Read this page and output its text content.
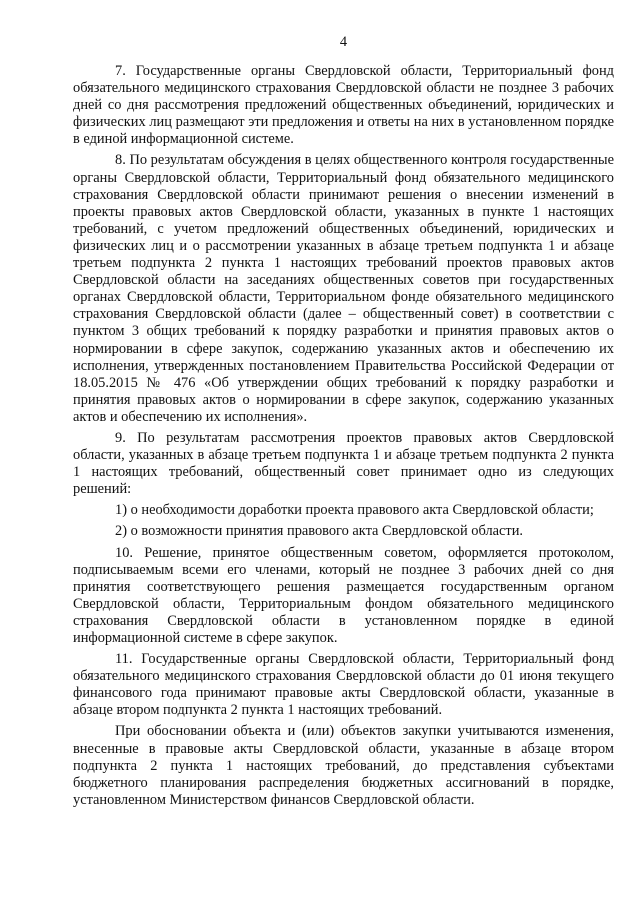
4

7. Государственные органы Свердловской области, Территориальный фонд обязательного медицинского страхования Свердловской области не позднее 3 рабочих дней со дня рассмотрения предложений общественных объединений, юридических и физических лиц размещают эти предложения и ответы на них в установленном порядке в единой информационной системе.

8. По результатам обсуждения в целях общественного контроля государственные органы Свердловской области, Территориальный фонд обязательного медицинского страхования Свердловской области принимают решения о внесении изменений в проекты правовых актов Свердловской области, указанных в пункте 1 настоящих требований, с учетом предложений общественных объединений, юридических и физических лиц и о рассмотрении указанных в абзаце третьем подпункта 1 и абзаце третьем подпункта 2 пункта 1 настоящих требований проектов правовых актов Свердловской области на заседаниях общественных советов при государственных органах Свердловской области, Территориальном фонде обязательного медицинского страхования Свердловской области (далее – общественный совет) в соответствии с пунктом 3 общих требований к порядку разработки и принятия правовых актов о нормировании в сфере закупок, содержанию указанных актов и обеспечению их исполнения, утвержденных постановлением Правительства Российской Федерации от 18.05.2015 № 476 «Об утверждении общих требований к порядку разработки и принятия правовых актов о нормировании в сфере закупок, содержанию указанных актов и обеспечению их исполнения».

9. По результатам рассмотрения проектов правовых актов Свердловской области, указанных в абзаце третьем подпункта 1 и абзаце третьем подпункта 2 пункта 1 настоящих требований, общественный совет принимает одно из следующих решений:

1) о необходимости доработки проекта правового акта Свердловской области;

2) о возможности принятия правового акта Свердловской области.

10. Решение, принятое общественным советом, оформляется протоколом, подписываемым всеми его членами, который не позднее 3 рабочих дней со дня принятия соответствующего решения размещается государственным органом Свердловской области, Территориальным фондом обязательного медицинского страхования Свердловской области в установленном порядке в единой информационной системе в сфере закупок.

11. Государственные органы Свердловской области, Территориальный фонд обязательного медицинского страхования Свердловской области до 01 июня текущего финансового года принимают правовые акты Свердловской области, указанные в абзаце втором подпункта 2 пункта 1 настоящих требований.

При обосновании объекта и (или) объектов закупки учитываются изменения, внесенные в правовые акты Свердловской области, указанные в абзаце втором подпункта 2 пункта 1 настоящих требований, до представления субъектами бюджетного планирования распределения бюджетных ассигнований в порядке, установленном Министерством финансов Свердловской области.
